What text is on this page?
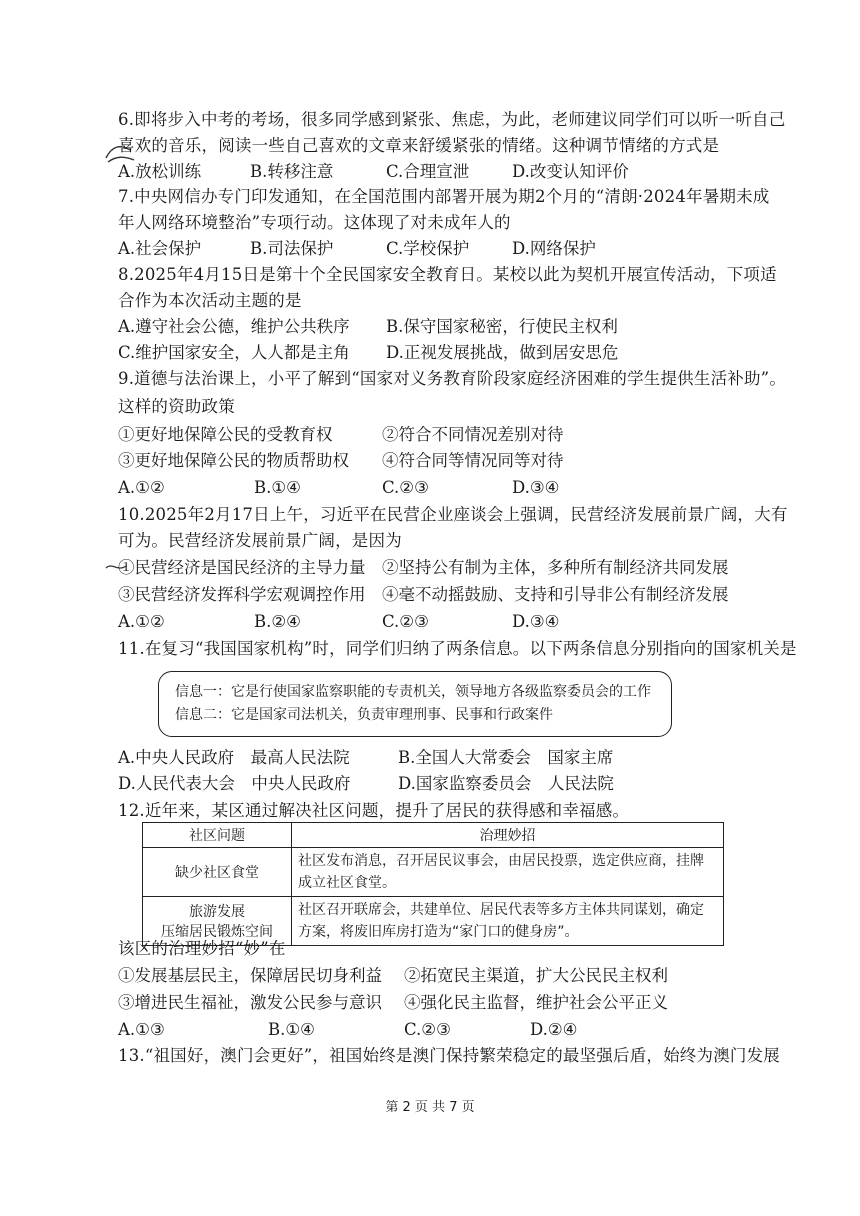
6.即将步入中考的考场，很多同学感到紧张、焦虑，为此，老师建议同学们可以听一听自己
喜欢的音乐，阅读一些自己喜欢的文章来舒缓紧张的情绪。这种调节情绪的方式是
A.放松训练	B.转移注意	C.合理宣泄	D.改变认知评价
7.中央网信办专门印发通知，在全国范围内部署开展为期2个月的“清朗·2024年暑期未成
年人网络环境整治”专项行动。这体现了对未成年人的
A.社会保护	B.司法保护	C.学校保护	D.网络保护
8.2025年4月15日是第十个全民国家安全教育日。某校以此为契机开展宣传活动，下项适
合作为本次活动主题的是
A.遵守社会公德，维护公共秩序 B.保守国家秘密，行使民主权利
C.维护国家安全，人人都是主角 D.正视发展挑战，做到居安思危
9.道德与法治课上，小平了解到“国家对义务教育阶段家庭经济困难的学生提供生活补助”。
这样的资助政策
①更好地保障公民的受教育权	②符合不同情况差别对待
③更好地保障公民的物质帮助权 ④符合同等情况同等对待
A.①②	B.①④	C.②③	D.③④
10.2025年2月17日上午，习近平在民营企业座谈会上强调，民营经济发展前景广阔，大有
可为。民营经济发展前景广阔，是因为
①民营经济是国民经济的主导力量 ②坚持公有制为主体，多种所有制经济共同发展
③民营经济发挥科学宏观调控作用 ④毫不动摇鼓励、支持和引导非公有制经济发展
A.①②	B.②④	C.②③	D.③④
11.在复习“我国国家机构”时，同学们归纳了两条信息。以下两条信息分别指向的国家机关是
信息一：它是行使国家监察职能的专责机关，领导地方各级监察委员会的工作
信息二：它是国家司法机关，负责审理刑事、民事和行政案件
A.中央人民政府　最高人民法院	B.全国人大常委会　国家主席
D.人民代表大会　中央人民政府	D.国家监察委员会　人民法院
12.近年来，某区通过解决社区问题，提升了居民的获得感和幸福感。
社区问题	治理妙招
缺少社区食堂	社区发布消息，召开居民议事会，由居民投票，选定供应商，挂牌成立社区食堂。

旅游发展
压缩居民锻炼空间	社区召开联席会，共建单位、居民代表等多方主体共同谋划，确定方案，将废旧库房打造为“家门口的健身房”。
该区的治理妙招“妙”在
①发展基层民主，保障居民切身利益 ②拓宽民主渠道，扩大公民民主权利
③增进民生福祉，激发公民参与意识 ④强化民主监督，维护社会公平正义
A.①③	B.①④	C.②③	D.②④
13.“祖国好，澳门会更好”，祖国始终是澳门保持繁荣稳定的最坚强后盾，始终为澳门发展
第 2 页 共 7 页
